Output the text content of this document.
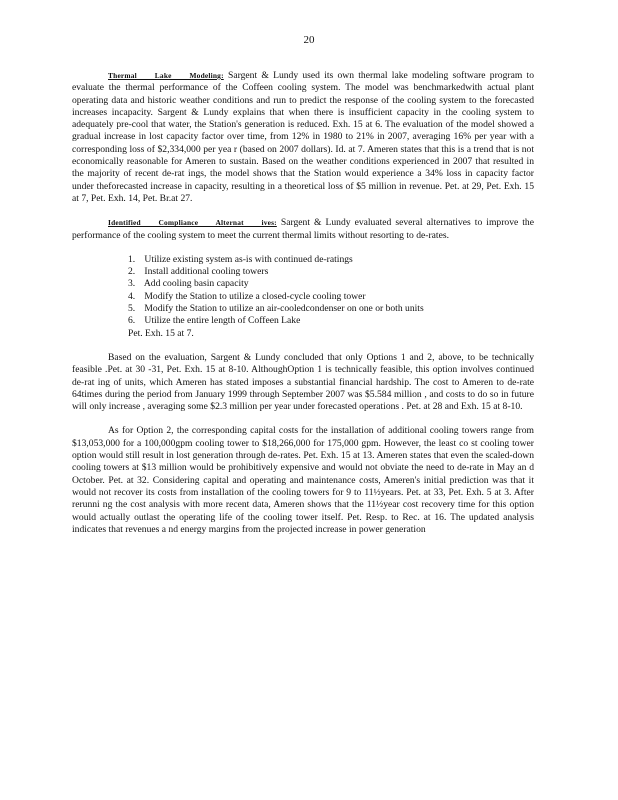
20

Thermal Lake Modeling: Sargent & Lundy used its own thermal lake modeling software program to evaluate the thermal performance of the Coffeen cooling system. The model was benchmarkedwith actual plant operating data and historic weather conditions and run to predict the response of the cooling system to the forecasted increases incapacity. Sargent & Lundy explains that when there is insufficient capacity in the cooling system to adequately pre-cool that water, the Station's generation is reduced. Exh. 15 at 6. The evaluation of the model showed a gradual increase in lost capacity factor over time, from 12% in 1980 to 21% in 2007, averaging 16% per year with a corresponding loss of $2,334,000 per yea r (based on 2007 dollars). Id. at 7. Ameren states that this is a trend that is not economically reasonable for Ameren to sustain. Based on the weather conditions experienced in 2007 that resulted in the majority of recent de-rat ings, the model shows that the Station would experience a 34% loss in capacity factor under theforecasted increase in capacity, resulting in a theoretical loss of $5 million in revenue. Pet. at 29, Pet. Exh. 15 at 7, Pet. Exh. 14, Pet. Br.at 27.

Identified Compliance Alternat ives: Sargent & Lundy evaluated several alternatives to improve the performance of the cooling system to meet the current thermal limits without resorting to de-rates.

1. Utilize existing system as-is with continued de-ratings
2. Install additional cooling towers
3. Add cooling basin capacity
4. Modify the Station to utilize a closed-cycle cooling tower
5. Modify the Station to utilize an air-cooledcondenser on one or both units
6. Utilize the entire length of Coffeen Lake
Pet. Exh. 15 at 7.

Based on the evaluation, Sargent & Lundy concluded that only Options 1 and 2, above, to be technically feasible .Pet. at 30 -31, Pet. Exh. 15 at 8-10. AlthoughOption 1 is technically feasible, this option involves continued de-rat ing of units, which Ameren has stated imposes a substantial financial hardship. The cost to Ameren to de-rate 64times during the period from January 1999 through September 2007 was $5.584 million , and costs to do so in future will only increase , averaging some $2.3 million per year under forecasted operations . Pet. at 28 and Exh. 15 at 8-10.

As for Option 2, the corresponding capital costs for the installation of additional cooling towers range from $13,053,000 for a 100,000gpm cooling tower to $18,266,000 for 175,000 gpm. However, the least co st cooling tower option would still result in lost generation through de-rates. Pet. Exh. 15 at 13. Ameren states that even the scaled-down cooling towers at $13 million would be prohibitively expensive and would not obviate the need to de-rate in May an d October. Pet. at 32. Considering capital and operating and maintenance costs, Ameren's initial prediction was that it would not recover its costs from installation of the cooling towers for 9 to 11½years. Pet. at 33, Pet. Exh. 5 at 3. After rerunni ng the cost analysis with more recent data, Ameren shows that the 11½year cost recovery time for this option would actually outlast the operating life of the cooling tower itself. Pet. Resp. to Rec. at 16. The updated analysis indicates that revenues a nd energy margins from the projected increase in power generation
